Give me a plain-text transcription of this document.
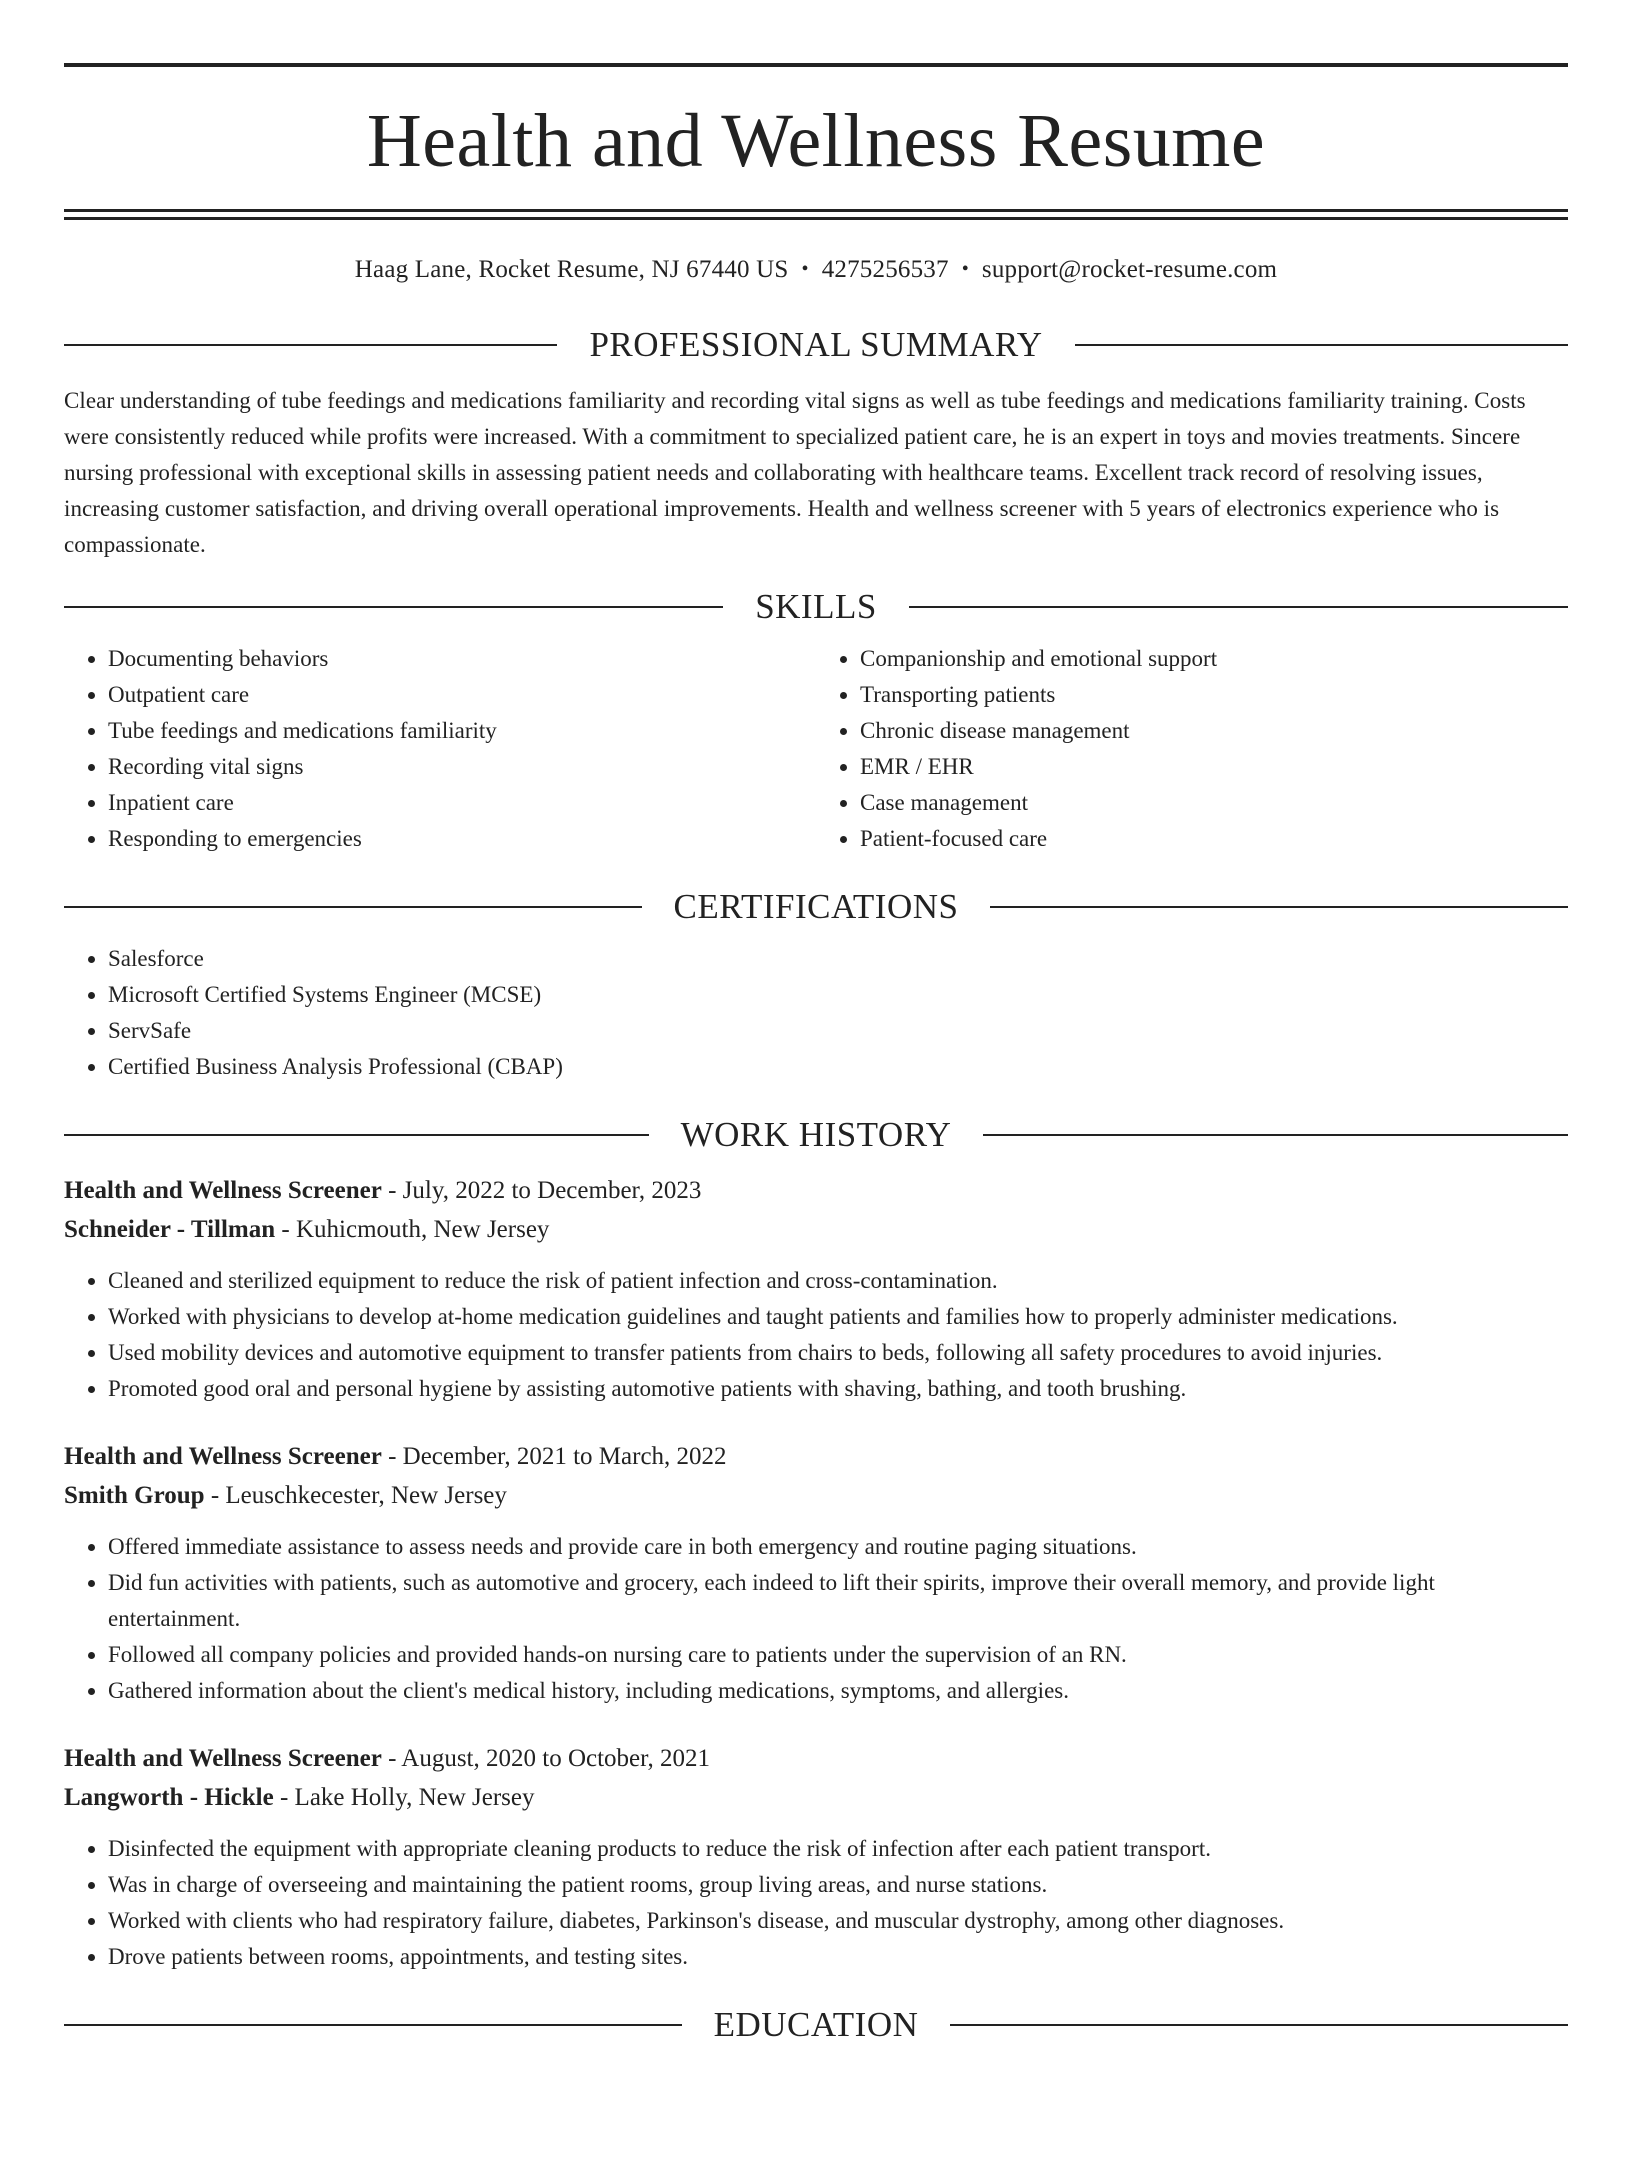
Health and Wellness Resume
Haag Lane, Rocket Resume, NJ 67440 US • 4275256537 • support@rocket-resume.com
PROFESSIONAL SUMMARY
Clear understanding of tube feedings and medications familiarity and recording vital signs as well as tube feedings and medications familiarity training. Costs were consistently reduced while profits were increased. With a commitment to specialized patient care, he is an expert in toys and movies treatments. Sincere nursing professional with exceptional skills in assessing patient needs and collaborating with healthcare teams. Excellent track record of resolving issues, increasing customer satisfaction, and driving overall operational improvements. Health and wellness screener with 5 years of electronics experience who is compassionate.
SKILLS
• Documenting behaviors
• Outpatient care
• Tube feedings and medications familiarity
• Recording vital signs
• Inpatient care
• Responding to emergencies
• Companionship and emotional support
• Transporting patients
• Chronic disease management
• EMR / EHR
• Case management
• Patient-focused care
CERTIFICATIONS
• Salesforce
• Microsoft Certified Systems Engineer (MCSE)
• ServSafe
• Certified Business Analysis Professional (CBAP)
WORK HISTORY
Health and Wellness Screener - July, 2022 to December, 2023
Schneider - Tillman - Kuhicmouth, New Jersey
• Cleaned and sterilized equipment to reduce the risk of patient infection and cross-contamination.
• Worked with physicians to develop at-home medication guidelines and taught patients and families how to properly administer medications.
• Used mobility devices and automotive equipment to transfer patients from chairs to beds, following all safety procedures to avoid injuries.
• Promoted good oral and personal hygiene by assisting automotive patients with shaving, bathing, and tooth brushing.
Health and Wellness Screener - December, 2021 to March, 2022
Smith Group - Leuschkecester, New Jersey
• Offered immediate assistance to assess needs and provide care in both emergency and routine paging situations.
• Did fun activities with patients, such as automotive and grocery, each indeed to lift their spirits, improve their overall memory, and provide light entertainment.
• Followed all company policies and provided hands-on nursing care to patients under the supervision of an RN.
• Gathered information about the client's medical history, including medications, symptoms, and allergies.
Health and Wellness Screener - August, 2020 to October, 2021
Langworth - Hickle - Lake Holly, New Jersey
• Disinfected the equipment with appropriate cleaning products to reduce the risk of infection after each patient transport.
• Was in charge of overseeing and maintaining the patient rooms, group living areas, and nurse stations.
• Worked with clients who had respiratory failure, diabetes, Parkinson's disease, and muscular dystrophy, among other diagnoses.
• Drove patients between rooms, appointments, and testing sites.
EDUCATION
